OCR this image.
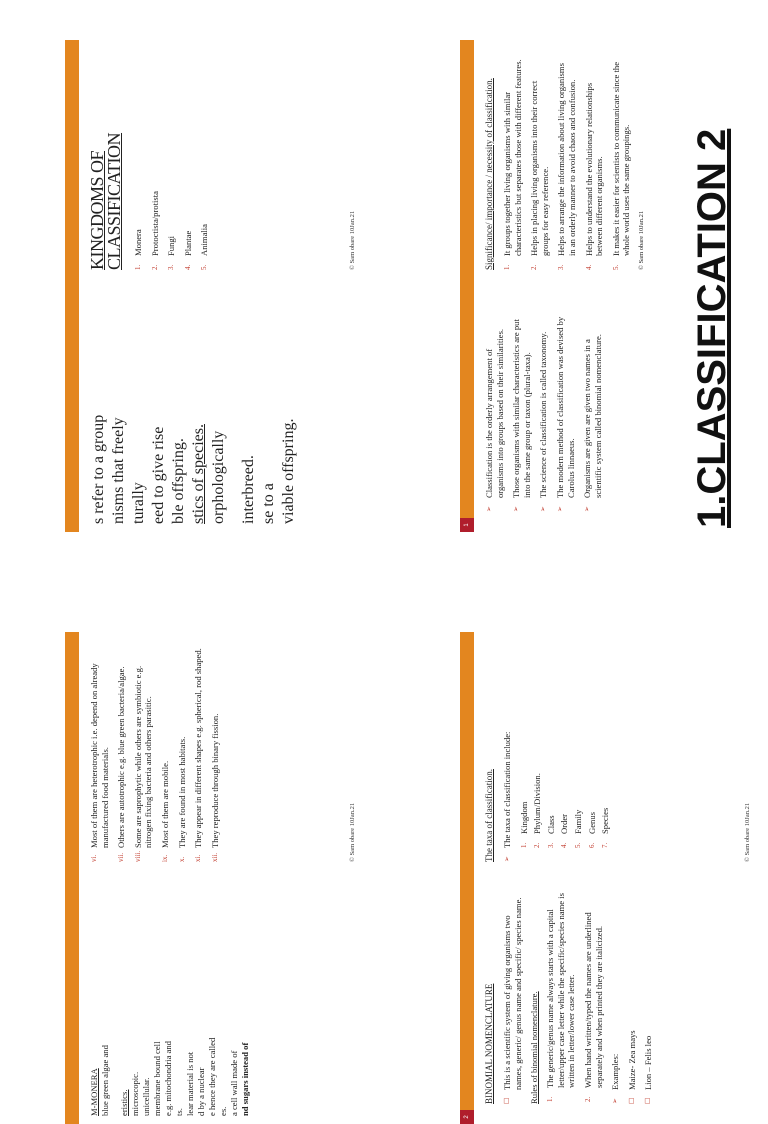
1	1.CLASSIFICATION 2
➢
Classification is the orderly arrangement of organisms into groups based on their similarities.
➢
Those organisms with similar characteristics are put into the same group or taxon (plural-taxa).
➢
The science of classification is called taxonomy.
➢
The modern method of classification was devised by Carolus linnaeus.
➢
Organisms are given are given two names in a scientific system called binomial nomenclature.
Significance/ importance / necessity of classification. 1.
It groups together living organisms with similar characteristics but separates those with different features.
2.
Helps in placing living organisms into their correct groups for easy reference.
3.
Helps to arrange the information about living organisms in an orderly manner to avoid chaos and confusion.
4.
Helps to understand the evolutionary relationships between different organisms.
5.
It makes it easier for scientists to communicate since the whole world uses the same groupings. © Sam obare 10Jan.21
2
BINOMIAL NOMENCLATURE ☐
This is a scientific system of giving organisms two names, generic/ genus name and specific/ species name. Rules of binomial nomenclature. 1.
The generic/genus name always starts with a capital letter/upper case letter while the specific/species name is written in letter/lower case letter.
2.
When hand written/typed the names are underlined separately and when printed they are italicized.
➢
Examples:
☐
Maize- Zea mays
☐
Lion – Felis leo
The taxa of classification. ➢
The taxa of classification include: 1.
Kingdom
2.
Phylum/Division.
3.
Class
4.
Order
5.
Family
6.
Genus
7.
Species	© Sam obare 10Jan.21
s refer to a group nisms that freely turally eed to give rise ble offspring. stics of species. orphologically interbreed. se to a viable offspring.
KINGDOMS OF CLASSIFICATION 1.
Monera
2.
Protoctista/protista
3.
Fungi
4.
Plantae
5.
Animalia	© Sam obare 10Jan.21
M-MONERA blue green algae and eristics. microscopic. unicellular. membrane bound cell e.g. mitochondria and ts. lear material is not d by a nuclear e hence they are called es. a cell wall made of nd sugars instead of
vi.
Most of them are heterotrophic i.e. depend on already manufactured food materials.
vii.
Others are autotrophic e.g. blue green bacteria/algae.
viii.
Some are saprophytic while others are symbiotic e.g. nitrogen fixing bacteria and others parasitic.
ix.
Most of them are mobile.
x.
They are found in most habitats.
xi.
They appear in different shapes e.g. spherical, rod shaped.
xii.
They reproduce through binary fission.	© Sam obare 10Jan.21
